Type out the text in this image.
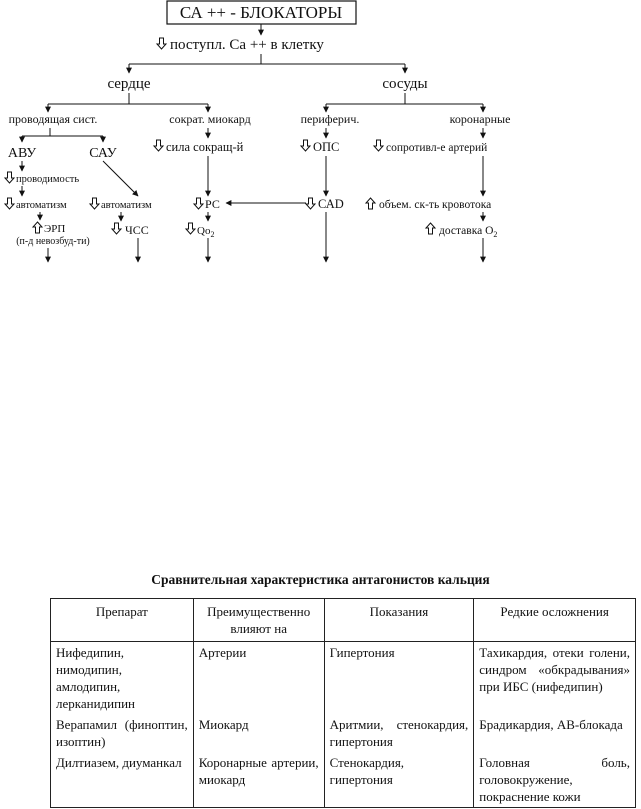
СА ++ - БЛОКАТОРЫ
поступл. Са ++ в клетку
сердце	сосуды
проводящая сист.	сократ. миокард	периферич.	коронарные
АВУ	САУ
проводимость
автоматизм
ЭРП
(п-д невозбуд-ти)
автоматизм
ЧСС
сила сокращ-й
РС
$Qo_2$
ОПС
САD
сопротивл-е артерий
объем. ск-ть кровотока
доставка $О_2$
Сравнительная характеристика антагонистов кальция
Препарат	Преимущественно влияют на	Показания	Редкие осложнения
Нифедипин, нимодипин, амлодипин, лерканидипин	Артерии	Гипертония	Тахикардия, отеки голени, синдром «обкрадывания» при ИБС (нифедипин)
Верапамил (финоптин, изоптин)	Миокард	Аритмии, стенокардия, гипертония	Брадикардия, АВ-блокада
Дилтиазем, диуманкал	Коронарные артерии, миокард	Стенокардия, гипертония	Головная боль, головокружение, покраснение кожи
